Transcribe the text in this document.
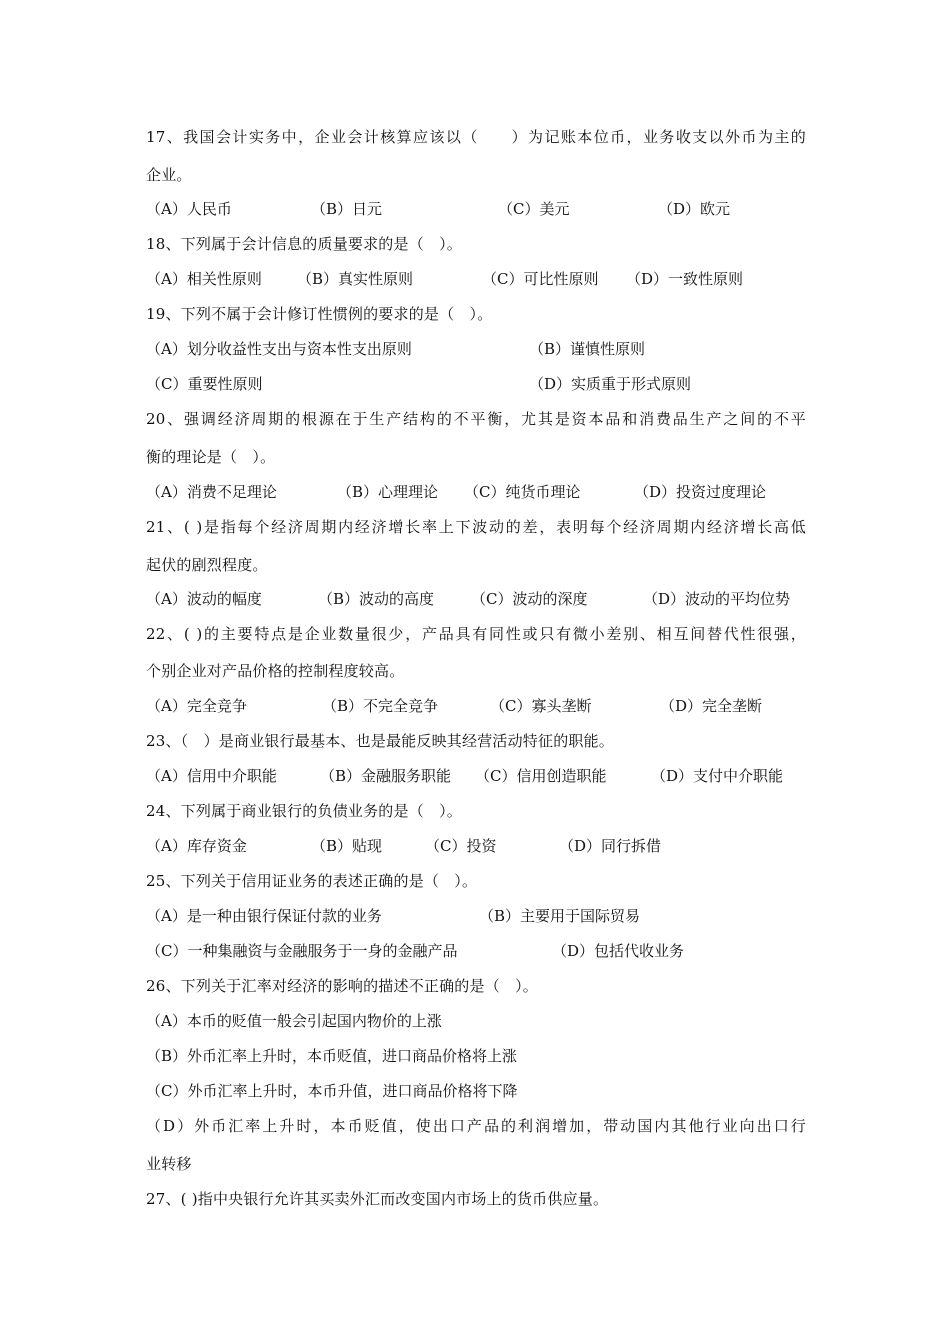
17、我国会计实务中，企业会计核算应该以（　　）为记账本位币，业务收支以外币为主的
企业。
（A）人民币	（B）日元	（C）美元	（D）欧元
18、下列属于会计信息的质量要求的是（　）。
（A）相关性原则 （B）真实性原则	（C）可比性原则 （D）一致性原则
19、下列不属于会计修订性惯例的要求的是（　）。
（A）划分收益性支出与资本性支出原则	（B）谨慎性原则
（C）重要性原则	（D）实质重于形式原则
20、强调经济周期的根源在于生产结构的不平衡，尤其是资本品和消费品生产之间的不平
衡的理论是（　）。
（A）消费不足理论	（B）心理理论 （C）纯货币理论	（D）投资过度理论
21、( )是指每个经济周期内经济增长率上下波动的差，表明每个经济周期内经济增长高低
起伏的剧烈程度。
（A）波动的幅度	（B）波动的高度 （C）波动的深度	（D）波动的平均位势
22、( )的主要特点是企业数量很少，产品具有同性或只有微小差别、相互间替代性很强，
个别企业对产品价格的控制程度较高。
（A）完全竞争	（B）不完全竞争	（C）寡头垄断	（D）完全垄断
23、（　）是商业银行最基本、也是最能反映其经营活动特征的职能。
（A）信用中介职能	（B）金融服务职能 （C）信用创造职能	（D）支付中介职能
24、下列属于商业银行的负债业务的是（　）。
（A）库存资金	（B）贴现	（C）投资	（D）同行拆借
25、下列关于信用证业务的表述正确的是（　）。
（A）是一种由银行保证付款的业务	（B）主要用于国际贸易
（C）一种集融资与金融服务于一身的金融产品	（D）包括代收业务
26、下列关于汇率对经济的影响的描述不正确的是（　）。
（A）本币的贬值一般会引起国内物价的上涨
（B）外币汇率上升时，本币贬值，进口商品价格将上涨
（C）外币汇率上升时，本币升值，进口商品价格将下降
（D）外币汇率上升时，本币贬值，使出口产品的利润增加，带动国内其他行业向出口行
业转移
27、( )指中央银行允许其买卖外汇而改变国内市场上的货币供应量。
